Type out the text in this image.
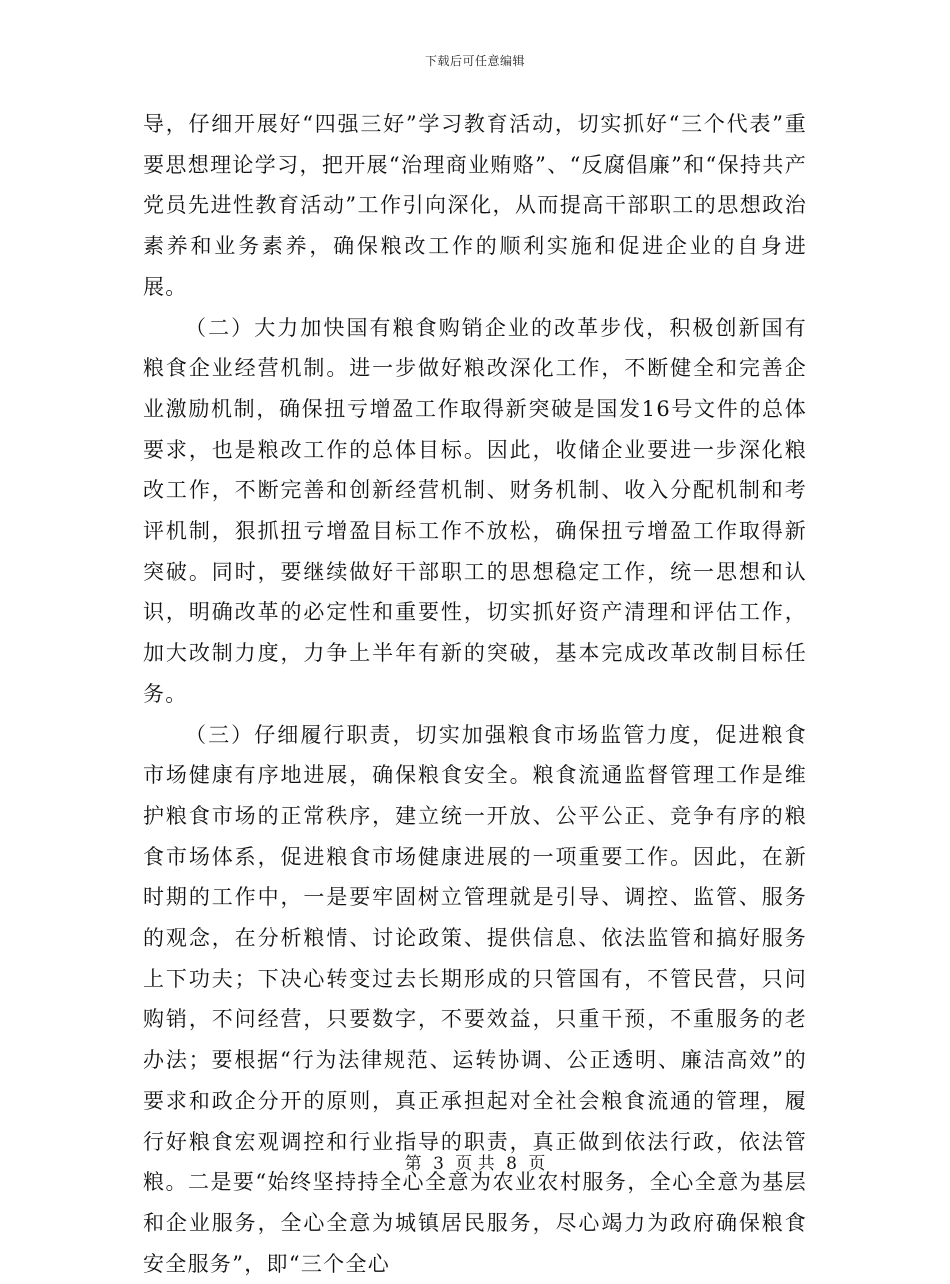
下载后可任意编辑

导，仔细开展好“四强三好”学习教育活动，切实抓好“三个代表”重要思想理论学习，把开展“治理商业贿赂”、“反腐倡廉”和“保持共产党员先进性教育活动”工作引向深化，从而提高干部职工的思想政治素养和业务素养，确保粮改工作的顺利实施和促进企业的自身进展。

（二）大力加快国有粮食购销企业的改革步伐，积极创新国有粮食企业经营机制。进一步做好粮改深化工作，不断健全和完善企业激励机制，确保扭亏增盈工作取得新突破是国发16号文件的总体要求，也是粮改工作的总体目标。因此，收储企业要进一步深化粮改工作，不断完善和创新经营机制、财务机制、收入分配机制和考评机制，狠抓扭亏增盈目标工作不放松，确保扭亏增盈工作取得新突破。同时，要继续做好干部职工的思想稳定工作，统一思想和认识，明确改革的必定性和重要性，切实抓好资产清理和评估工作，加大改制力度，力争上半年有新的突破，基本完成改革改制目标任务。

（三）仔细履行职责，切实加强粮食市场监管力度，促进粮食市场健康有序地进展，确保粮食安全。粮食流通监督管理工作是维护粮食市场的正常秩序，建立统一开放、公平公正、竞争有序的粮食市场体系，促进粮食市场健康进展的一项重要工作。因此，在新时期的工作中，一是要牢固树立管理就是引导、调控、监管、服务的观念，在分析粮情、讨论政策、提供信息、依法监管和搞好服务上下功夫；下决心转变过去长期形成的只管国有，不管民营，只问购销，不问经营，只要数字，不要效益，只重干预，不重服务的老办法；要根据“行为法律规范、运转协调、公正透明、廉洁高效”的要求和政企分开的原则，真正承担起对全社会粮食流通的管理，履行好粮食宏观调控和行业指导的职责，真正做到依法行政，依法管粮。二是要“始终坚持持全心全意为农业农村服务，全心全意为基层和企业服务，全心全意为城镇居民服务，尽心竭力为政府确保粮食安全服务”，即“三个全心

第 3 页 共 8 页
